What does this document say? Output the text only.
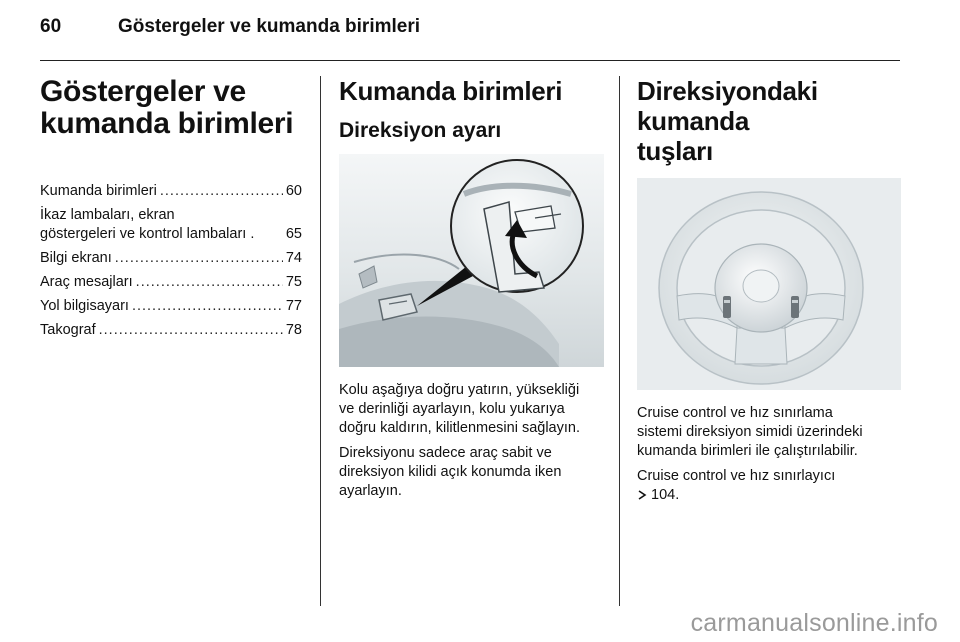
60	Göstergeler ve kumanda birimleri
Göstergeler ve
kumanda birimleri
Kumanda birimleri .....	60
İkaz lambaları, ekran
göstergeleri ve kontrol lambaları . 65
Bilgi ekranı .....	74
Araç mesajları .....	75
Yol bilgisayarı .....	77
Takograf .....	78
Kumanda birimleri
Direksiyon ayarı

Kolu aşağıya doğru yatırın, yüksekliği
ve derinliği ayarlayın, kolu yukarıya
doğru kaldırın, kilitlenmesini sağlayın.

Direksiyonu sadece araç sabit ve
direksiyon kilidi açık konumda iken
ayarlayın.

Direksiyondaki kumanda
tuşları

Cruise control ve hız sınırlama
sistemi direksiyon simidi üzerindeki
kumanda birimleri ile çalıştırılabilir.

Cruise control ve hız sınırlayıcı
104.

carmanualsonline.info
